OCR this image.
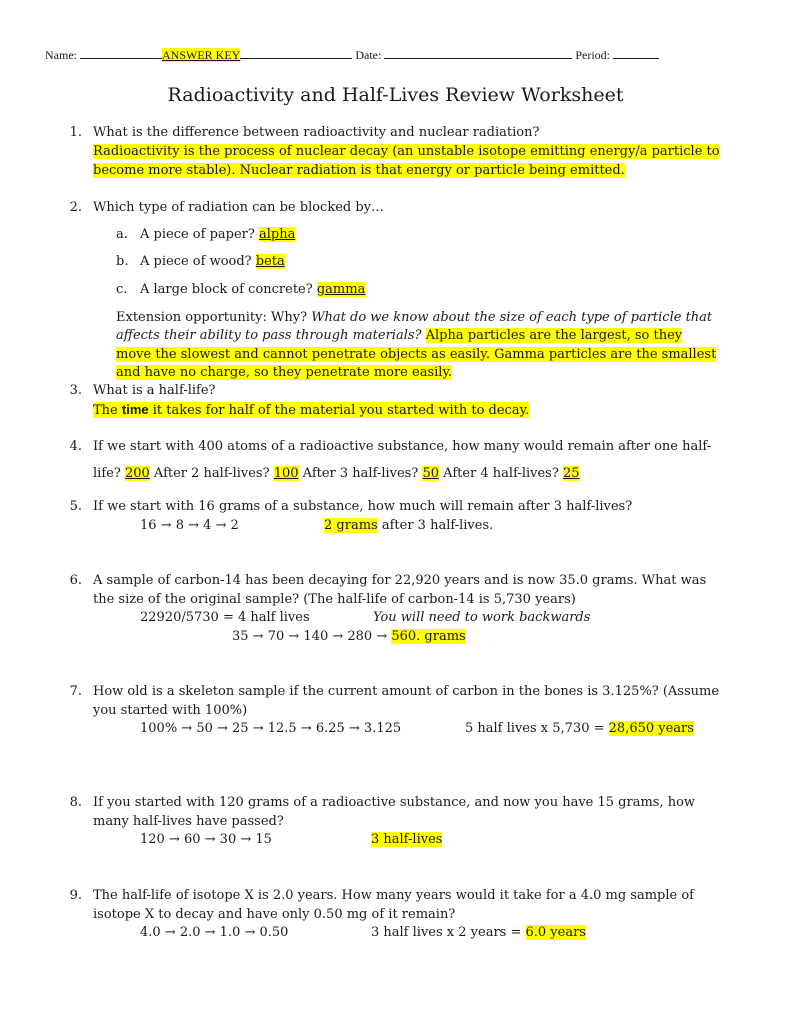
Name:	ANSWER KEY	Date:	Period:
Radioactivity and Half-Lives Review Worksheet
1. What is the difference between radioactivity and nuclear radiation?
Radioactivity is the process of nuclear decay (an unstable isotope emitting energy/a particle to
become more stable). Nuclear radiation is that energy or particle being emitted.
2. Which type of radiation can be blocked by…
a. A piece of paper? alpha
b. A piece of wood? beta
c. A large block of concrete? gamma
Extension opportunity: Why? What do we know about the size of each type of particle that
affects their ability to pass through materials? Alpha particles are the largest, so they
move the slowest and cannot penetrate objects as easily. Gamma particles are the smallest
and have no charge, so they penetrate more easily.
3. What is a half-life?
The time it takes for half of the material you started with to decay.
4. If we start with 400 atoms of a radioactive substance, how many would remain after one half-
life? 200 After 2 half-lives? 100 After 3 half-lives? 50 After 4 half-lives? 25
5. If we start with 16 grams of a substance, how much will remain after 3 half-lives?
16 → 8 → 4 → 2	2 grams after 3 half-lives.
6. A sample of carbon-14 has been decaying for 22,920 years and is now 35.0 grams. What was
the size of the original sample? (The half-life of carbon-14 is 5,730 years)
22920/5730 = 4 half lives	You will need to work backwards
35 → 70 → 140 → 280 → 560. grams
7. How old is a skeleton sample if the current amount of carbon in the bones is 3.125%? (Assume
you started with 100%)
100% → 50 → 25 → 12.5 → 6.25 → 3.125	5 half lives x 5,730 = 28,650 years
8. If you started with 120 grams of a radioactive substance, and now you have 15 grams, how
many half-lives have passed?
120 → 60 → 30 → 15	3 half-lives
9. The half-life of isotope X is 2.0 years. How many years would it take for a 4.0 mg sample of
isotope X to decay and have only 0.50 mg of it remain?
4.0 → 2.0 → 1.0 → 0.50	3 half lives x 2 years = 6.0 years
